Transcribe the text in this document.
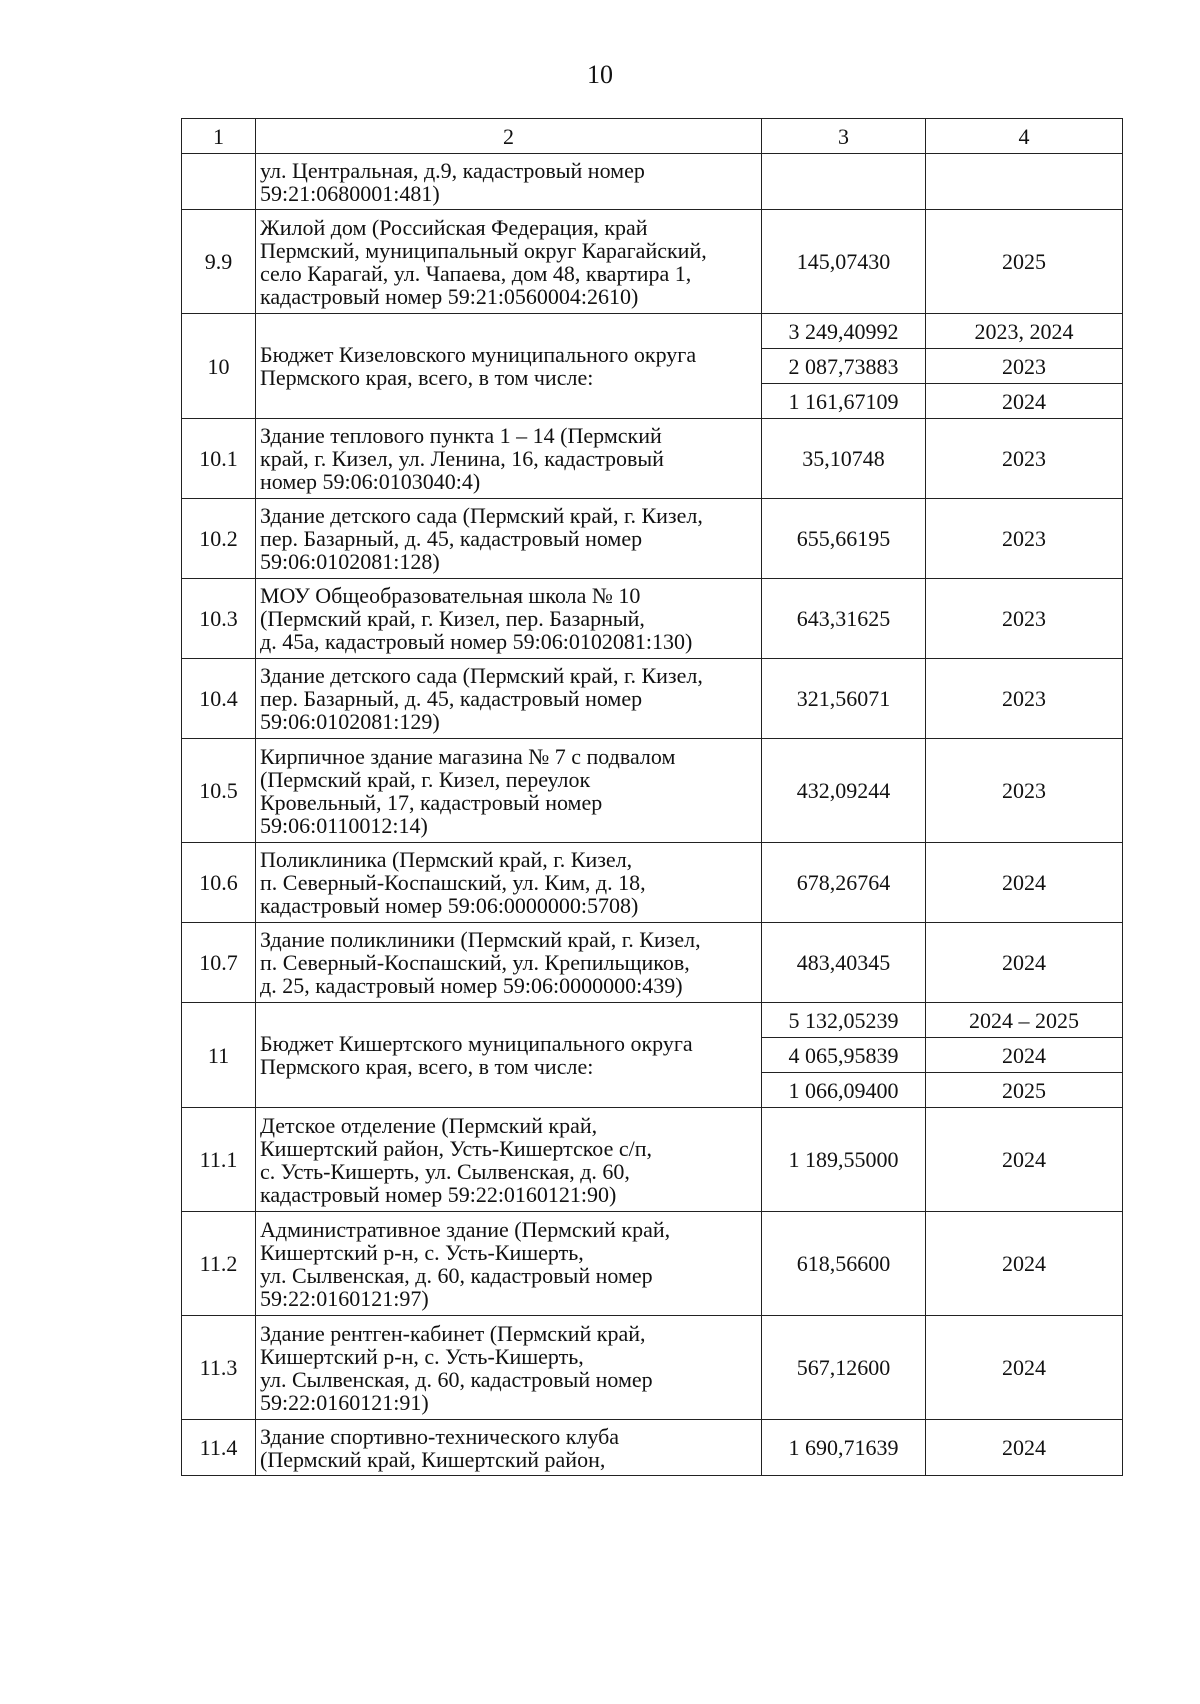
10
1	2	3	4

	ул. Центральная, д.9, кадастровый номер
59:21:0680001:481)		

9.9	Жилой дом (Российская Федерация, край
Пермский, муниципальный округ Карагайский,
село Карагай, ул. Чапаева, дом 48, квартира 1,
кадастровый номер 59:21:0560004:2610)	145,07430	2025
10	Бюджет Кизеловского муниципального округа
Пермского края, всего, в том числе:	3 249,40992	2023, 2024
		2 087,73883	2023
		1 161,67109	2024
10.1	Здание теплового пункта 1 – 14 (Пермский
край, г. Кизел, ул. Ленина, 16, кадастровый
номер 59:06:0103040:4)	35,10748	2023
10.2	Здание детского сада (Пермский край, г. Кизел,
пер. Базарный, д. 45, кадастровый номер
59:06:0102081:128)	655,66195	2023
10.3	МОУ Общеобразовательная школа № 10
(Пермский край, г. Кизел, пер. Базарный,
д. 45а, кадастровый номер 59:06:0102081:130)	643,31625	2023
10.4	Здание детского сада (Пермский край, г. Кизел,
пер. Базарный, д. 45, кадастровый номер
59:06:0102081:129)	321,56071	2023
10.5	Кирпичное здание магазина № 7 с подвалом
(Пермский край, г. Кизел, переулок
Кровельный, 17, кадастровый номер
59:06:0110012:14)	432,09244	2023
10.6	Поликлиника (Пермский край, г. Кизел,
п. Северный-Коспашский, ул. Ким, д. 18,
кадастровый номер 59:06:0000000:5708)	678,26764	2024
10.7	Здание поликлиники (Пермский край, г. Кизел,
п. Северный-Коспашский, ул. Крепильщиков,
д. 25, кадастровый номер 59:06:0000000:439)	483,40345	2024
11	Бюджет Кишертского муниципального округа
Пермского края, всего, в том числе:	5 132,05239	2024 – 2025
		4 065,95839	2024
		1 066,09400	2025
11.1	Детское отделение (Пермский край,
Кишертский район, Усть-Кишертское с/п,
с. Усть-Кишерть, ул. Сылвенская, д. 60,
кадастровый номер 59:22:0160121:90)	1 189,55000	2024
11.2	Административное здание (Пермский край,
Кишертский р-н, с. Усть-Кишерть,
ул. Сылвенская, д. 60, кадастровый номер
59:22:0160121:97)	618,56600	2024
11.3	Здание рентген-кабинет (Пермский край,
Кишертский р-н, с. Усть-Кишерть,
ул. Сылвенская, д. 60, кадастровый номер
59:22:0160121:91)	567,12600	2024
11.4	Здание спортивно-технического клуба
(Пермский край, Кишертский район,	1 690,71639	2024
